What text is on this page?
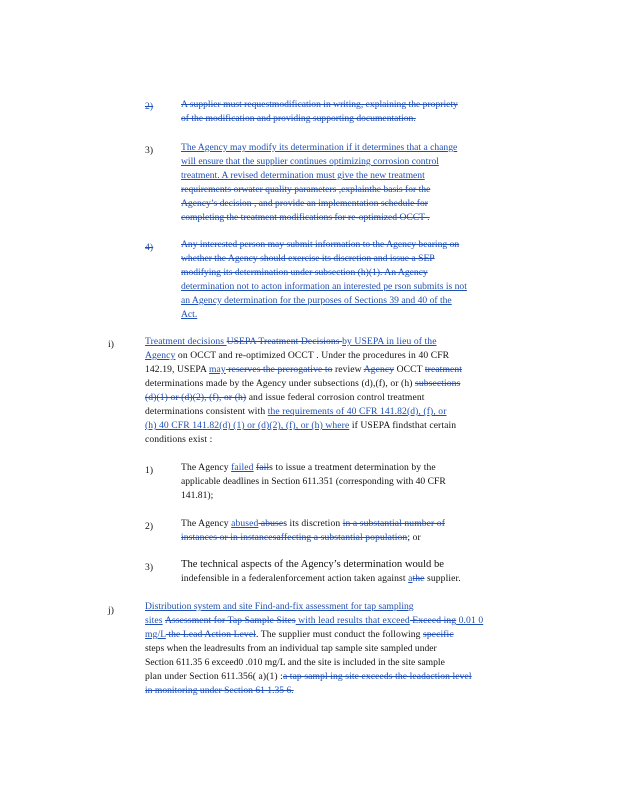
2)	A supplier must requestmodification in writing, explaining the propriety
of the modification and providing supporting documentation.
3)	The Agency may modify its determination if it determines that a change
will ensure that the supplier continues optimizing corrosion control
treatment. A revised determination must give the new treatment
requirements orwater quality parameters ,explainthe basis for the
Agency’s decision , and provide an implementation schedule for
completing the treatment modifications for re-optimized OCCT .
4)	Any interested person may submit information to the Agency bearing on
whether the Agency should exercise its discretion and issue a SEP
modifying its determination under subsection (h)(1). An Agency
determination not to acton information an interested pe rson submits is not
an Agency determination for the purposes of Sections 39 and 40 of the
Act.
i)	Treatment decisions USEPA Treatment Decisions by USEPA in lieu of the
Agency on OCCT and re-optimized OCCT . Under the procedures in 40 CFR
142.19, USEPA may reserves the prerogative to review Agency OCCT treatment
determinations made by the Agency under subsections (d),(f), or (h) subsections
(d)(1) or (d)(2), (f), or (h) and issue federal corrosion control treatment
determinations consistent with the requirements of 40 CFR 141.82(d), (f), or
(h) 40 CFR 141.82(d) (1) or (d)(2), (f), or (h) where if USEPA findsthat certain
conditions exist :
1)	The Agency failed fails to issue a treatment determination by the
applicable deadlines in Section 611.351 (corresponding with 40 CFR
141.81);
2)	The Agency abused abuses its discretion in a substantial number of
instances or in instancesaffecting a substantial population; or
3)	The technical aspects of the Agency’s determination would be
indefensible in a federalenforcement action taken against athe supplier.
j)	Distribution system and site Find-and-fix assessment for tap sampling
sites Assessment for Tap Sample Sites with lead results that exceed Exceed ing 0.01 0
mg/L the Lead Action Level. The supplier must conduct the following specific
steps when the leadresults from an individual tap sample site sampled under
Section 611.35 6 exceed0 .010 mg/L and the site is included in the site sample
plan under Section 611.356( a)(1) :a tap sampl ing site exceeds the leadaction level
in monitoring under Section 61 1.35 6.
